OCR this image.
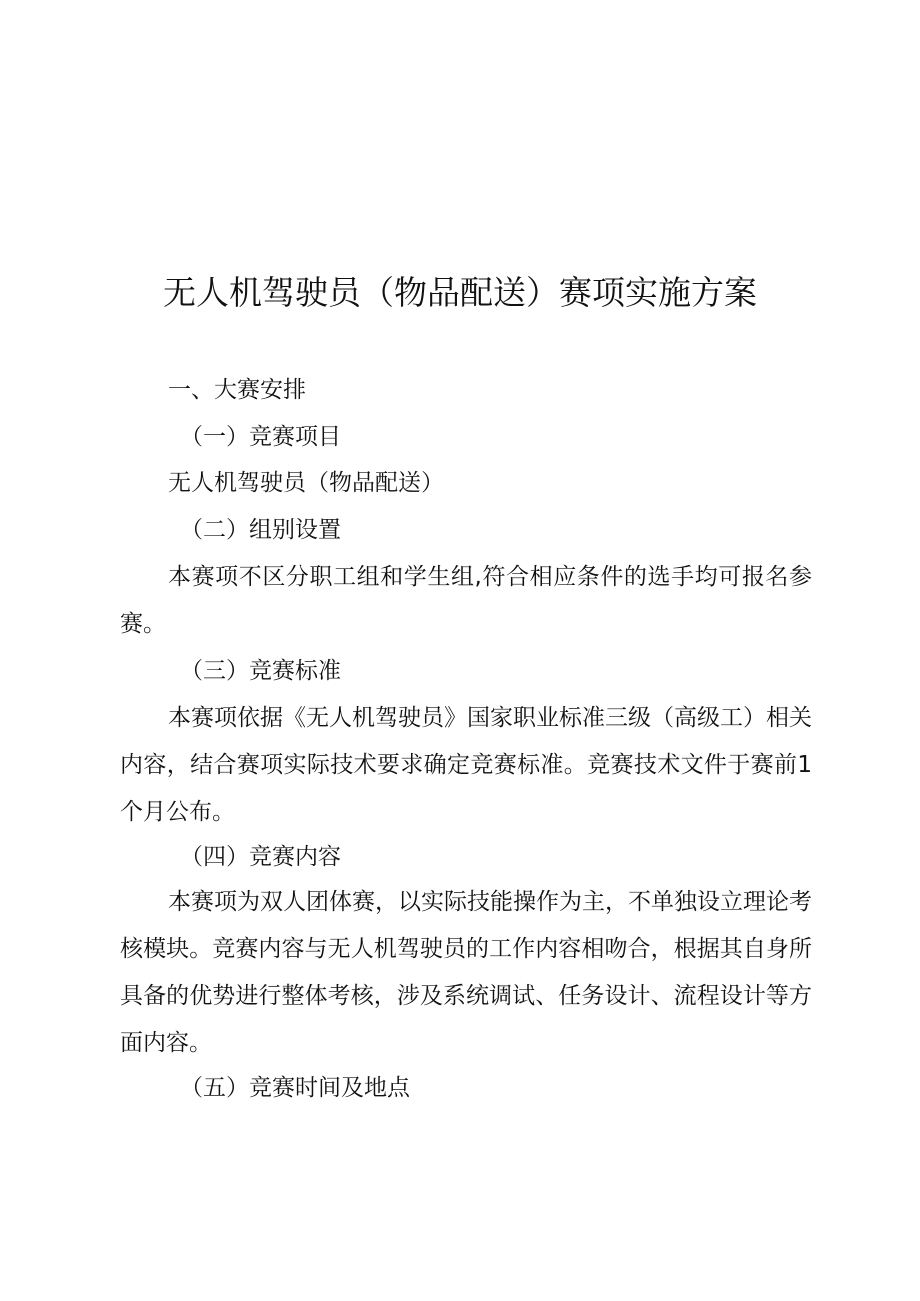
无人机驾驶员（物品配送）赛项实施方案
一、大赛安排
（一）竞赛项目
无人机驾驶员（物品配送）
（二）组别设置
本赛项不区分职工组和学生组,符合相应条件的选手均可报名参赛。
（三）竞赛标准
本赛项依据《无人机驾驶员》国家职业标准三级（高级工）相关内容，结合赛项实际技术要求确定竞赛标准。竞赛技术文件于赛前1个月公布。
（四）竞赛内容
本赛项为双人团体赛，以实际技能操作为主，不单独设立理论考核模块。竞赛内容与无人机驾驶员的工作内容相吻合，根据其自身所具备的优势进行整体考核，涉及系统调试、任务设计、流程设计等方面内容。
（五）竞赛时间及地点
